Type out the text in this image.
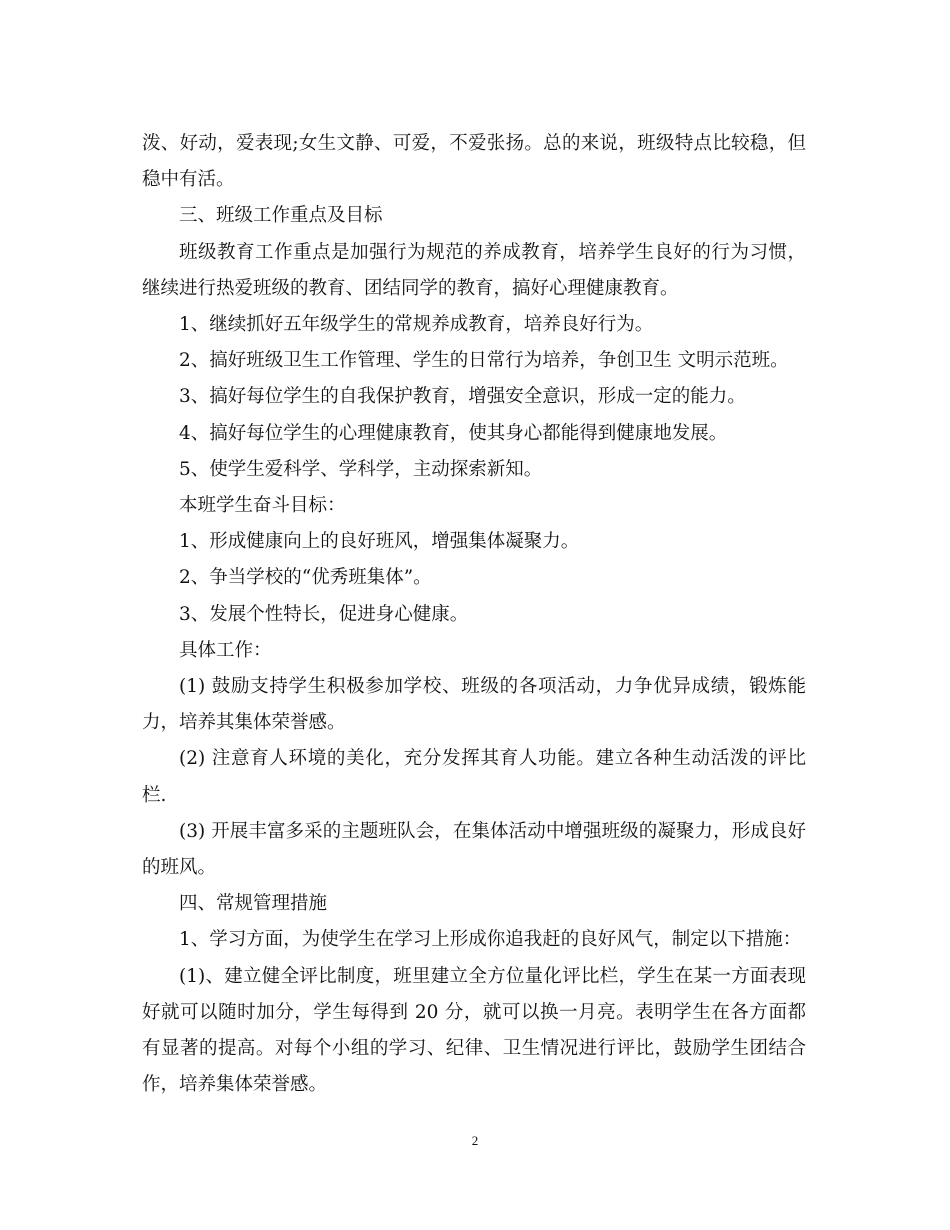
泼、好动，爱表现;女生文静、可爱，不爱张扬。总的来说，班级特点比较稳，但稳中有活。

三、班级工作重点及目标

班级教育工作重点是加强行为规范的养成教育，培养学生良好的行为习惯，继续进行热爱班级的教育、团结同学的教育，搞好心理健康教育。

1、继续抓好五年级学生的常规养成教育，培养良好行为。

2、搞好班级卫生工作管理、学生的日常行为培养，争创卫生 文明示范班。

3、搞好每位学生的自我保护教育，增强安全意识，形成一定的能力。

4、搞好每位学生的心理健康教育，使其身心都能得到健康地发展。

5、使学生爱科学、学科学，主动探索新知。

本班学生奋斗目标：

1、形成健康向上的良好班风，增强集体凝聚力。

2、争当学校的“优秀班集体”。

3、发展个性特长，促进身心健康。

具体工作：

(1) 鼓励支持学生积极参加学校、班级的各项活动，力争优异成绩，锻炼能力，培养其集体荣誉感。

(2) 注意育人环境的美化，充分发挥其育人功能。建立各种生动活泼的评比栏.

(3) 开展丰富多采的主题班队会，在集体活动中增强班级的凝聚力，形成良好的班风。

四、常规管理措施

1、学习方面，为使学生在学习上形成你追我赶的良好风气，制定以下措施：

(1)、建立健全评比制度，班里建立全方位量化评比栏，学生在某一方面表现好就可以随时加分，学生每得到 20 分，就可以换一月亮。表明学生在各方面都有显著的提高。对每个小组的学习、纪律、卫生情况进行评比，鼓励学生团结合作，培养集体荣誉感。

2
